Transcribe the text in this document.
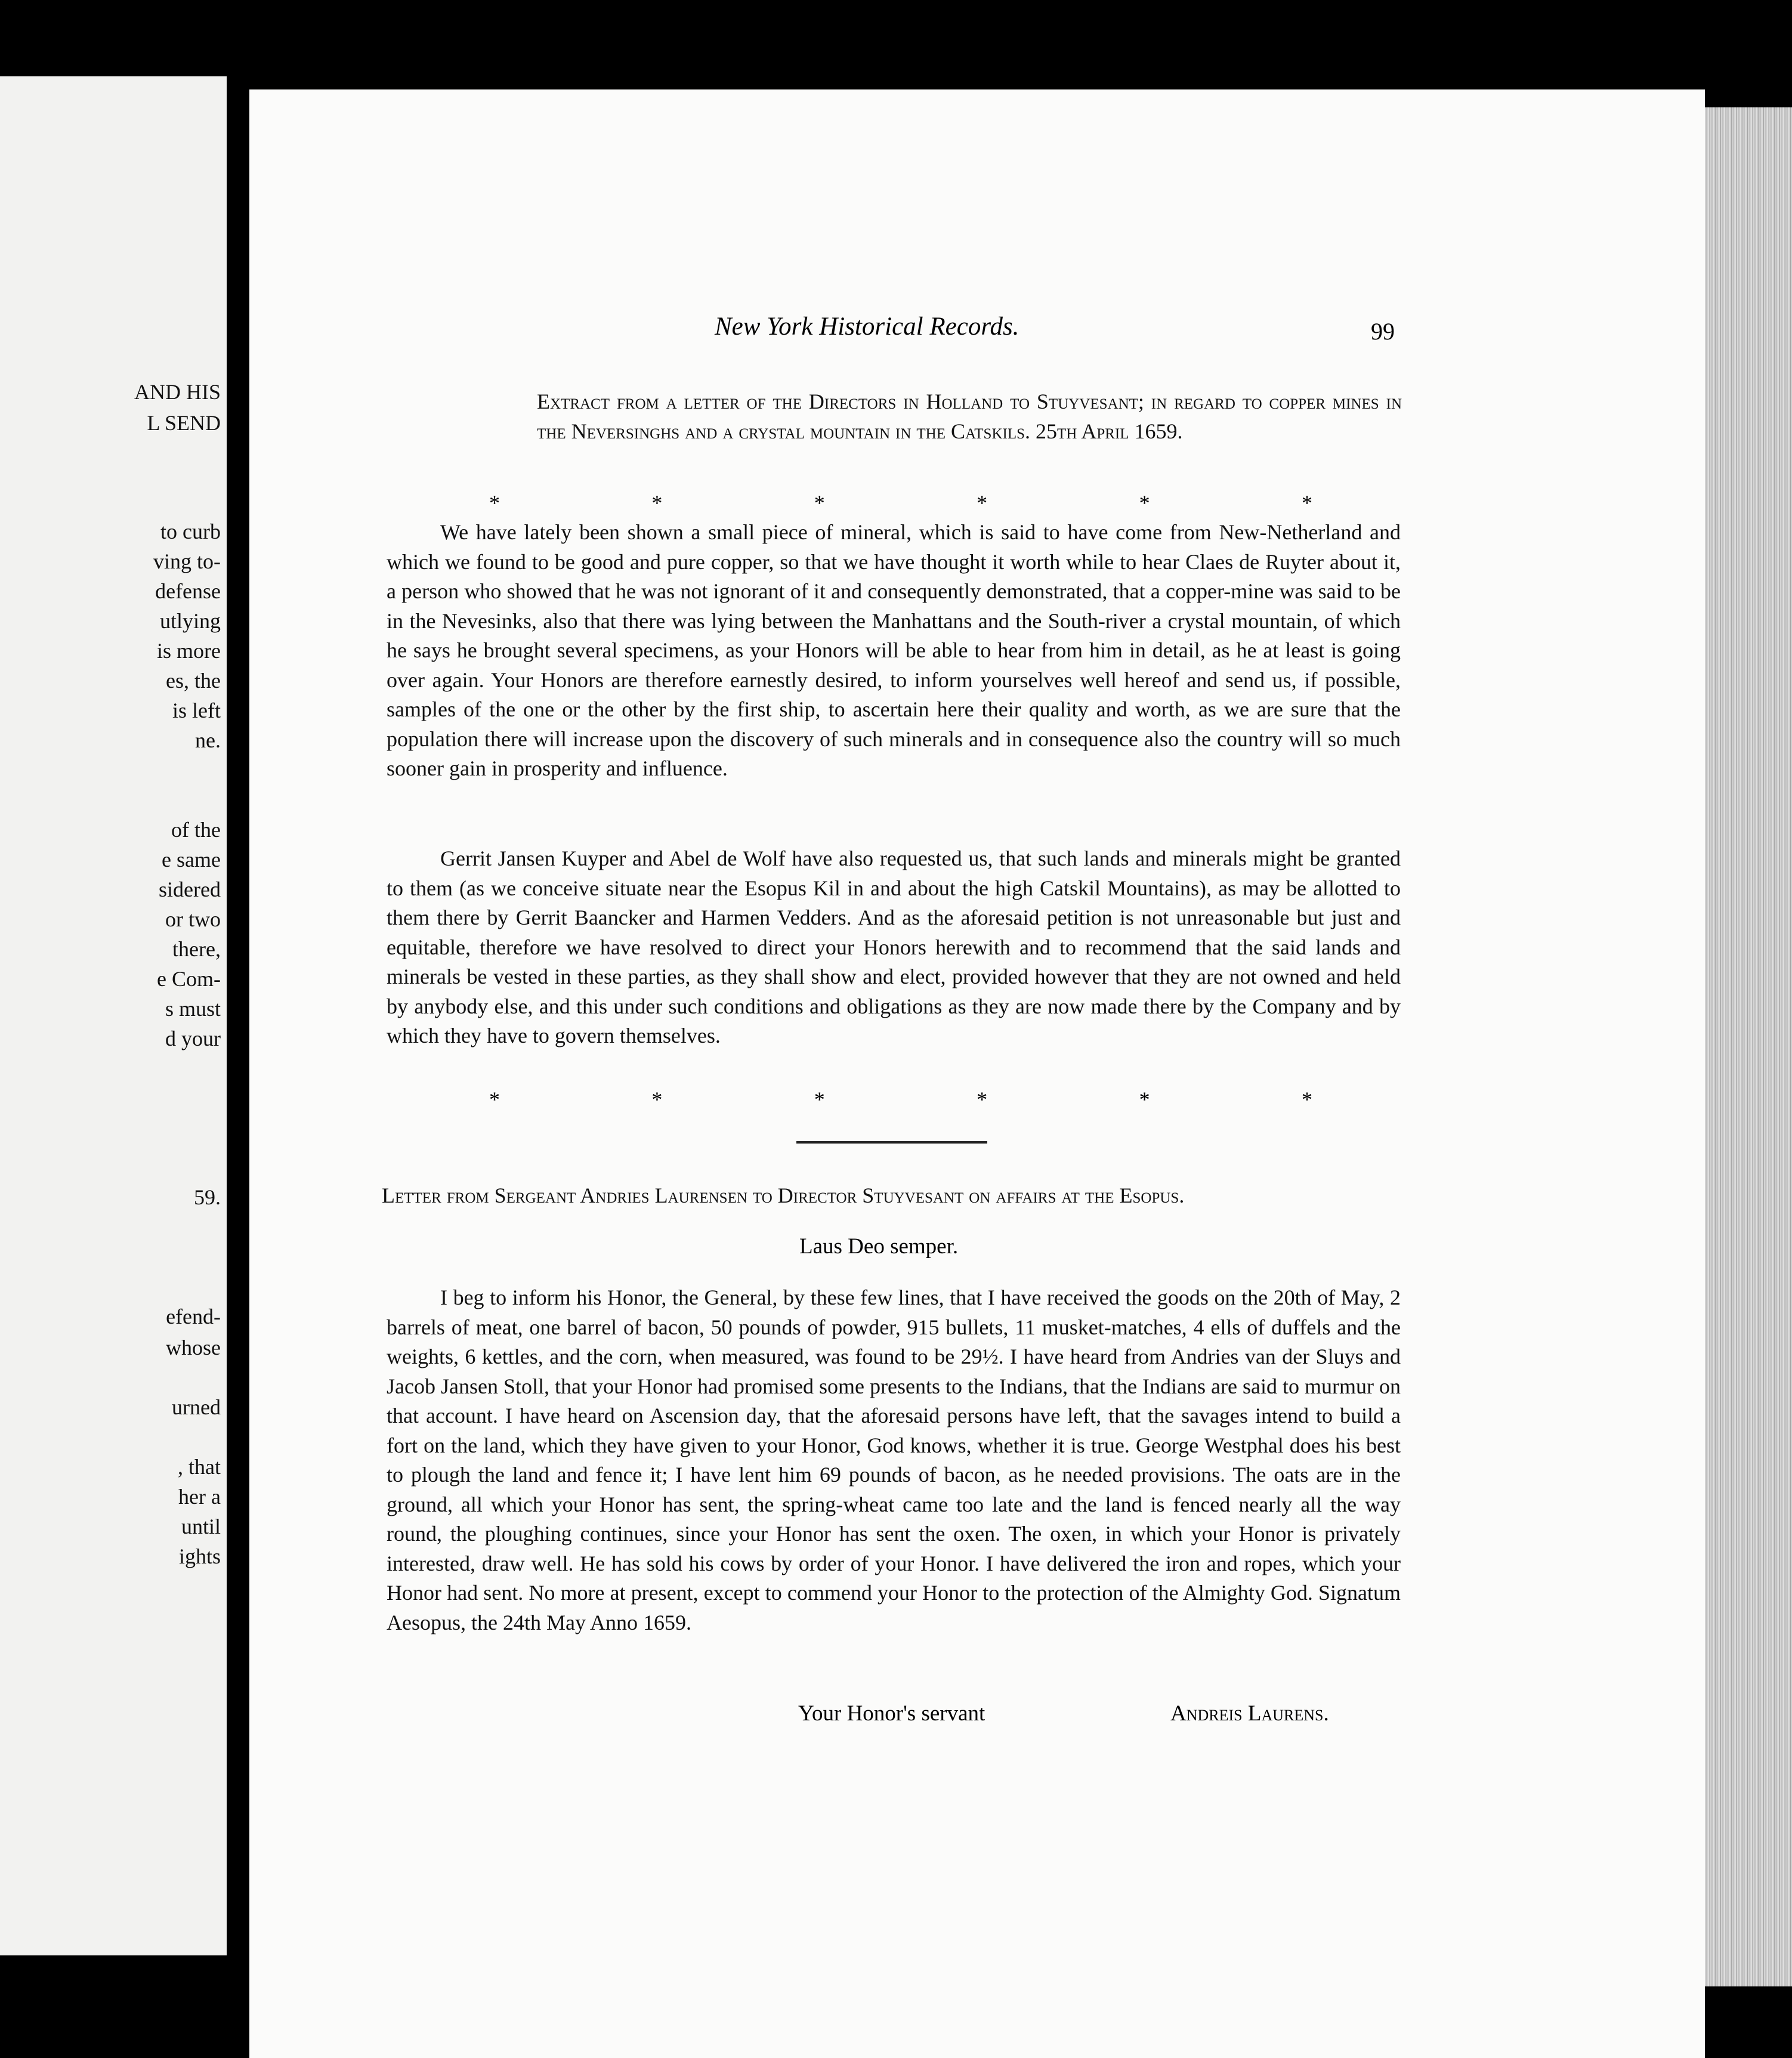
AND HIS
L SEND
to curb
ving to-
defense
utlying
is more
es, the
is left
ne.
of the
e same
sidered
or two
there,
e Com-
s must
d your
59.
efend-
whose
urned
, that
her a
until
ights
New York Historical Records.	99
Extract from a letter of the Directors in Holland to Stuyvesant; in regard to copper mines in the Neversinghs and a crystal mountain in the Catskils. 25th April 1659.
*	*	*	*	*	*
We have lately been shown a small piece of mineral, which is said to have come from New-Netherland and which we found to be good and pure copper, so that we have thought it worth while to hear Claes de Ruyter about it, a person who showed that he was not ignorant of it and consequently demonstrated, that a copper-mine was said to be in the Nevesinks, also that there was lying between the Manhattans and the South-river a crystal mountain, of which he says he brought several specimens, as your Honors will be able to hear from him in detail, as he at least is going over again. Your Honors are therefore earnestly desired, to inform yourselves well hereof and send us, if possible, samples of the one or the other by the first ship, to ascertain here their quality and worth, as we are sure that the population there will increase upon the discovery of such minerals and in consequence also the country will so much sooner gain in prosperity and influence.
Gerrit Jansen Kuyper and Abel de Wolf have also requested us, that such lands and minerals might be granted to them (as we conceive situate near the Esopus Kil in and about the high Catskil Mountains), as may be allotted to them there by Gerrit Baancker and Harmen Vedders. And as the aforesaid petition is not unreasonable but just and equitable, therefore we have resolved to direct your Honors herewith and to recommend that the said lands and minerals be vested in these parties, as they shall show and elect, provided however that they are not owned and held by anybody else, and this under such conditions and obligations as they are now made there by the Company and by which they have to govern themselves.
*	*	*	*	*	*
Letter from Sergeant Andries Laurensen to Director Stuyvesant on affairs at the Esopus.
Laus Deo semper.
I beg to inform his Honor, the General, by these few lines, that I have received the goods on the 20th of May, 2 barrels of meat, one barrel of bacon, 50 pounds of powder, 915 bullets, 11 musket-matches, 4 ells of duffels and the weights, 6 kettles, and the corn, when measured, was found to be 29½. I have heard from Andries van der Sluys and Jacob Jansen Stoll, that your Honor had promised some presents to the Indians, that the Indians are said to murmur on that account. I have heard on Ascension day, that the aforesaid persons have left, that the savages intend to build a fort on the land, which they have given to your Honor, God knows, whether it is true. George Westphal does his best to plough the land and fence it; I have lent him 69 pounds of bacon, as he needed provisions. The oats are in the ground, all which your Honor has sent, the spring-wheat came too late and the land is fenced nearly all the way round, the ploughing continues, since your Honor has sent the oxen. The oxen, in which your Honor is privately interested, draw well. He has sold his cows by order of your Honor. I have delivered the iron and ropes, which your Honor had sent. No more at present, except to commend your Honor to the protection of the Almighty God. Signatum Aesopus, the 24th May Anno 1659.
Your Honor's servant	Andreis Laurens.
